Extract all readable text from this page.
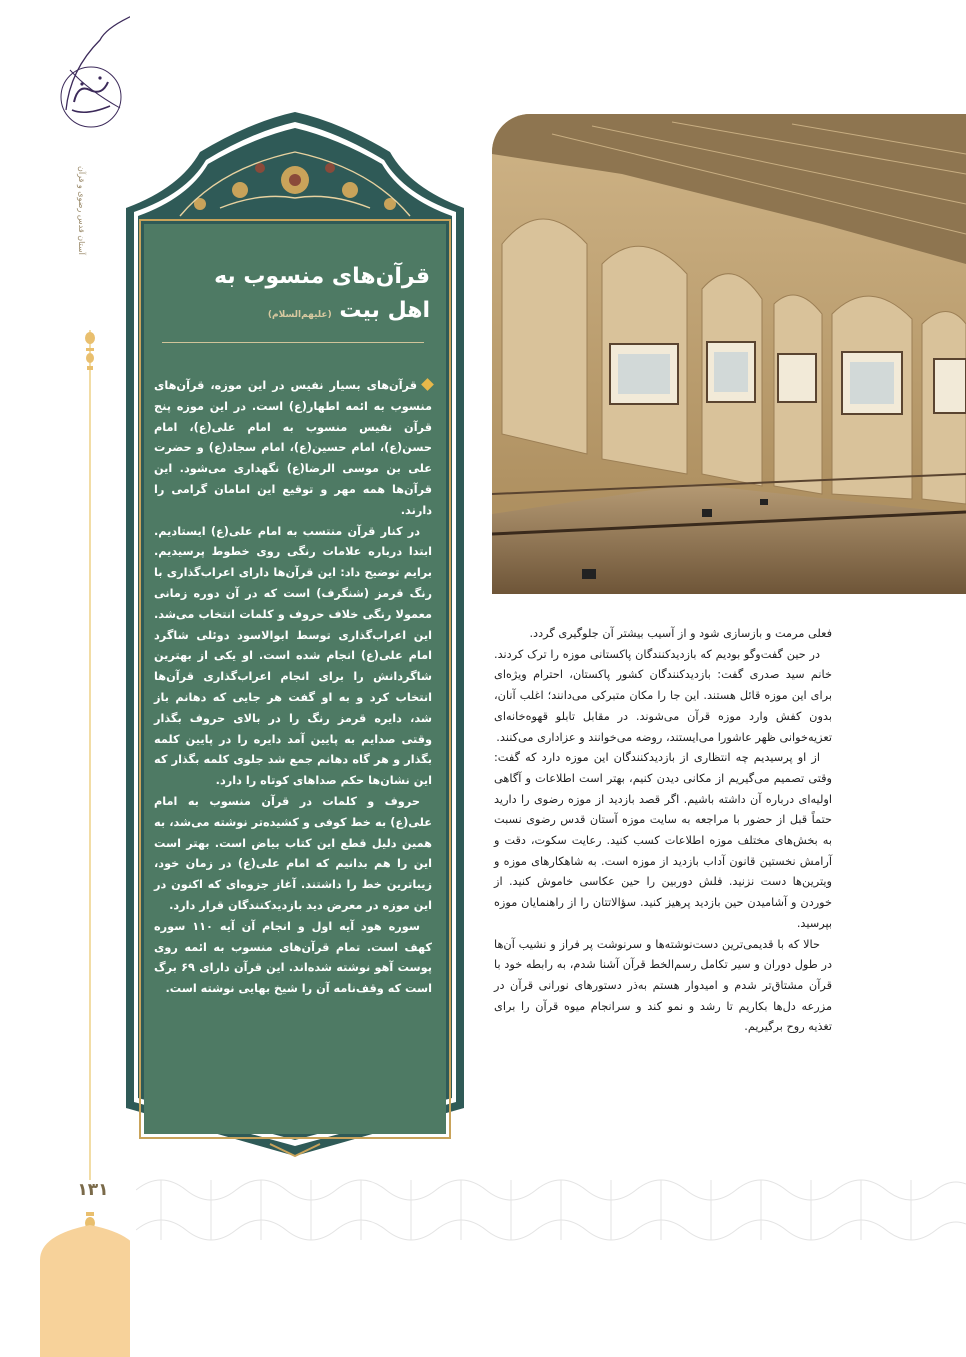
آستان قدس رضوی و قرآن
۱۳۱
قرآن‌های منسوب به
اهل بیت (علیهم‌السلام)

قرآن‌های بسیار نفیس در این موزه، قرآن‌های منسوب به ائمه اطهار(ع) است. در این موزه پنج قرآن نفیس منسوب به امام علی(ع)، امام حسن(ع)، امام حسین(ع)، امام سجاد(ع) و حضرت علی بن موسی الرضا(ع) نگهداری می‌شود. این قرآن‌ها همه مهر و توقیع این امامان گرامی را دارند.

در کنار قرآن منتسب به امام علی(ع) ایستادیم. ابتدا درباره علامات رنگی روی خطوط پرسیدیم. برایم توضیح داد: این قرآن‌ها دارای اعراب‌گذاری با رنگ قرمز (شنگرف) است که در آن دوره زمانی معمولا رنگی خلاف حروف و کلمات انتخاب می‌شد. این اعراب‌گذاری توسط ابوالاسود دوئلی شاگرد امام علی(ع) انجام شده است. او یکی از بهترین شاگردانش را برای انجام اعراب‌گذاری قرآن‌ها انتخاب کرد و به او گفت هر جایی که دهانم باز شد، دایره قرمز رنگ را در بالای حروف بگذار وقتی صدایم به پایین آمد دایره را در پایین کلمه بگذار و هر گاه دهانم جمع شد جلوی کلمه بگذار که این نشان‌ها حکم صداهای کوتاه را دارد.

حروف و کلمات در قرآن منسوب به امام علی(ع) به خط کوفی و کشیده‌تر نوشته می‌شد، به همین دلیل قطع این کتاب بیاض است. بهتر است این را هم بدانیم که امام علی(ع) در زمان خود، زیباترین خط را داشتند. آغاز جزوه‌ای که اکنون در این موزه در معرض دید بازدیدکنندگان قرار دارد.

سوره هود آیه اول و انجام آن آیه ۱۱۰ سوره کهف است. تمام قرآن‌های منسوب به ائمه روی پوست آهو نوشته شده‌اند. این قرآن دارای ۶۹ برگ است که وقف‌نامه آن را شیخ بهایی نوشته است.

فعلی مرمت و بازسازی شود و از آسیب بیشتر آن جلوگیری گردد.

در حین گفت‌وگو بودیم که بازدیدکنندگان پاکستانی موزه را ترک کردند. خانم سید صدری گفت: بازدیدکنندگان کشور پاکستان، احترام ویژه‌ای برای این موزه قائل هستند. این جا را مکان متبرکی می‌دانند؛ اغلب آنان، بدون کفش وارد موزه قرآن می‌شوند. در مقابل تابلو قهوه‌خانه‌ای تعزیه‌خوانی ظهر عاشورا می‌ایستند، روضه می‌خوانند و عزاداری می‌کنند.

از او پرسیدیم چه انتظاری از بازدیدکنندگان این موزه دارد که گفت: وقتی تصمیم می‌گیریم از مکانی دیدن کنیم، بهتر است اطلاعات و آگاهی اولیه‌ای درباره آن داشته باشیم. اگر قصد بازدید از موزه رضوی را دارید حتماً قبل از حضور با مراجعه به سایت موزه آستان قدس رضوی نسبت به بخش‌های مختلف موزه اطلاعات کسب کنید. رعایت سکوت، دقت و آرامش نخستین قانون آداب بازدید از موزه است. به شاهکارهای موزه و ویترین‌ها دست نزنید. فلش دوربین را حین عکاسی خاموش کنید. از خوردن و آشامیدن حین بازدید پرهیز کنید. سؤالاتتان را از راهنمایان موزه بپرسید.

حالا که با قدیمی‌ترین دست‌نوشته‌ها و سرنوشت پر فراز و نشیب آن‌ها در طول دوران و سیر تکامل رسم‌الخط قرآن آشنا شدم، به رابطه خود با قرآن مشتاق‌تر شدم و امیدوار هستم به‌ذر دستورهای نورانی قرآن در مزرعه دل‌ها بکاریم تا رشد و نمو کند و سرانجام میوه قرآن را برای تغذیه روح برگیریم.
